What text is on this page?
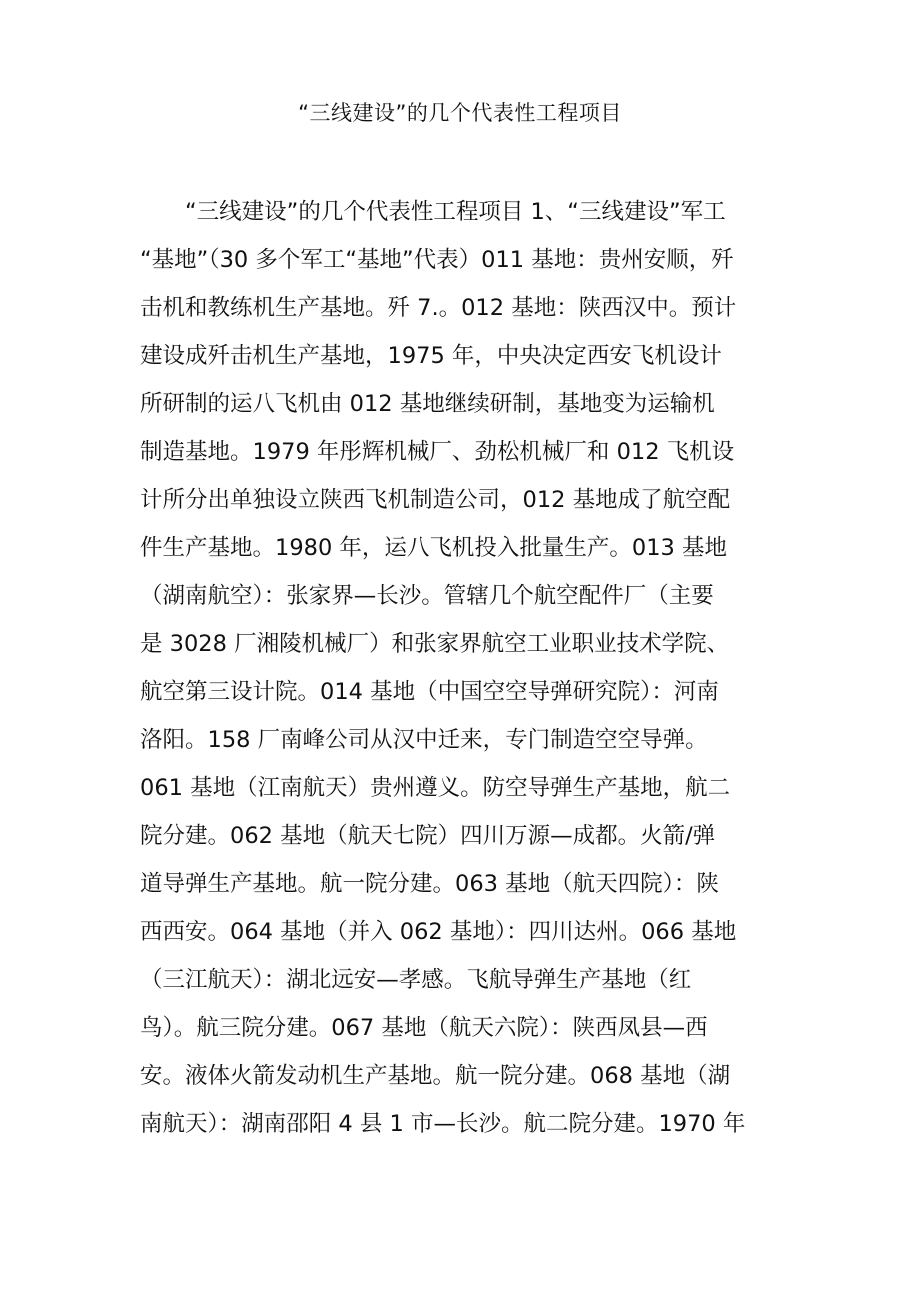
“三线建设”的几个代表性工程项目
　　“三线建设”的几个代表性工程项目 1、“三线建设”军工
“基地”（30 多个军工“基地”代表）011 基地：贵州安顺，歼
击机和教练机生产基地。歼 7.。012 基地：陕西汉中。预计
建设成歼击机生产基地，1975 年，中央决定西安飞机设计
所研制的运八飞机由 012 基地继续研制，基地变为运输机
制造基地。1979 年彤辉机械厂、劲松机械厂和 012 飞机设
计所分出单独设立陕西飞机制造公司，012 基地成了航空配
件生产基地。1980 年，运八飞机投入批量生产。013 基地
（湖南航空）：张家界—长沙。管辖几个航空配件厂（主要
是 3028 厂湘陵机械厂）和张家界航空工业职业技术学院、
航空第三设计院。014 基地（中国空空导弹研究院）：河南
洛阳。158 厂南峰公司从汉中迁来，专门制造空空导弹。
061 基地（江南航天）贵州遵义。防空导弹生产基地，航二
院分建。062 基地（航天七院）四川万源—成都。火箭/弹
道导弹生产基地。航一院分建。063 基地（航天四院）：陕
西西安。064 基地（并入 062 基地）：四川达州。066 基地
（三江航天）：湖北远安—孝感。飞航导弹生产基地（红
鸟）。航三院分建。067 基地（航天六院）：陕西凤县—西
安。液体火箭发动机生产基地。航一院分建。068 基地（湖
南航天）：湖南邵阳 4 县 1 市—长沙。航二院分建。1970 年
